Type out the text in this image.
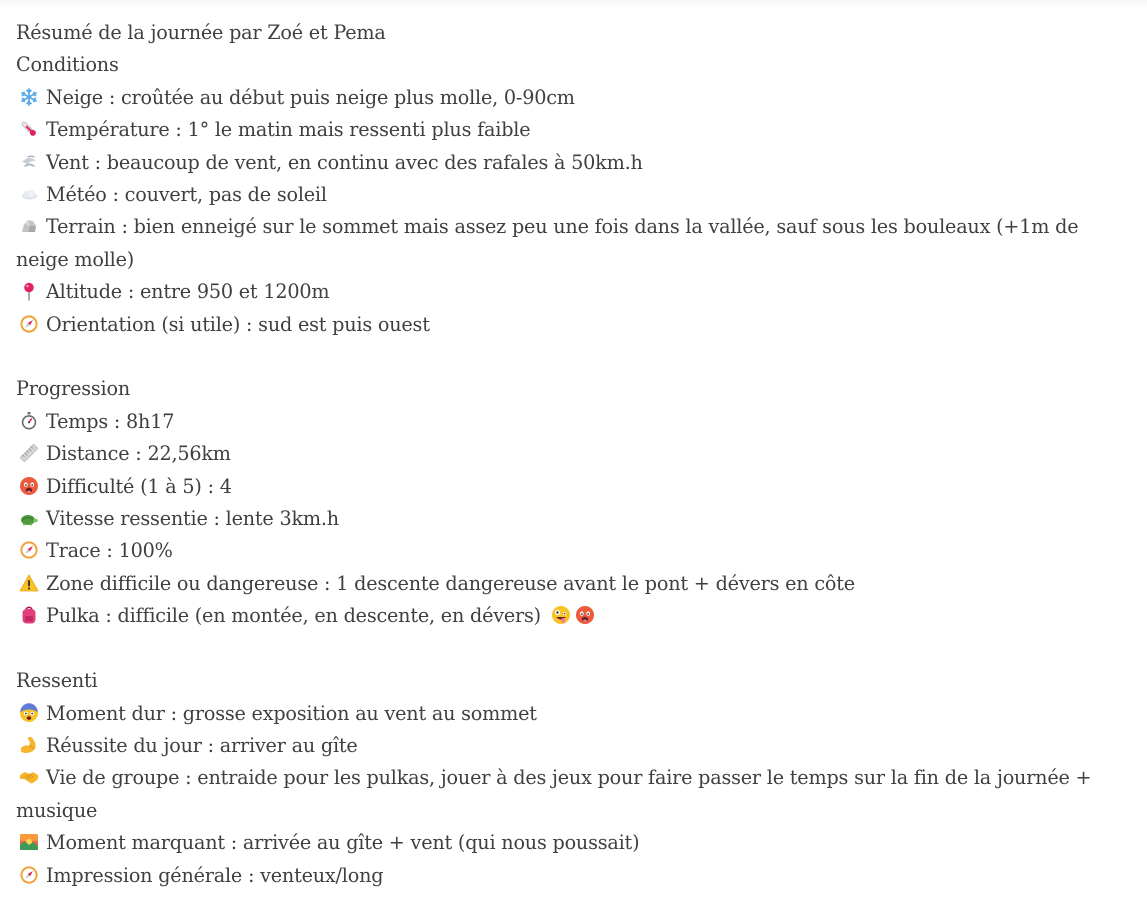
Résumé de la journée par Zoé et Pema
Conditions
Neige : croûtée au début puis neige plus molle, 0-90cm
Température : 1° le matin mais ressenti plus faible
Vent : beaucoup de vent, en continu avec des rafales à 50km.h
Météo : couvert, pas de soleil
Terrain : bien enneigé sur le sommet mais assez peu une fois dans la vallée, sauf sous les bouleaux (+1m de neige molle)
Altitude : entre 950 et 1200m
Orientation (si utile) : sud est puis ouest
Progression
Temps : 8h17
Distance : 22,56km
Difficulté (1 à 5) : 4
Vitesse ressentie : lente 3km.h
Trace : 100%
Zone difficile ou dangereuse : 1 descente dangereuse avant le pont + dévers en côte
Pulka : difficile (en montée, en descente, en dévers)
Ressenti
Moment dur : grosse exposition au vent au sommet
Réussite du jour : arriver au gîte
Vie de groupe : entraide pour les pulkas, jouer à des jeux pour faire passer le temps sur la fin de la journée + musique
Moment marquant : arrivée au gîte + vent (qui nous poussait)
Impression générale : venteux/long
